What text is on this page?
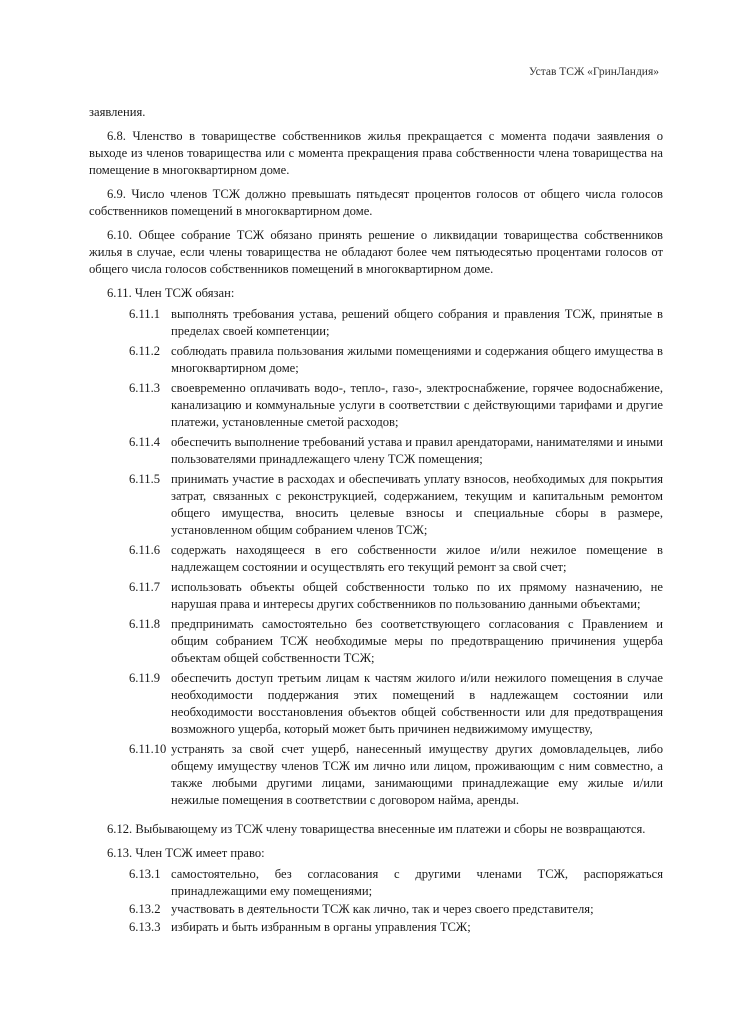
Устав ТСЖ «ГринЛандия»

заявления.

6.8. Членство в товариществе собственников жилья прекращается с момента подачи заявления о выходе из членов товарищества или с момента прекращения права собственности члена товарищества на помещение в многоквартирном доме.

6.9. Число членов ТСЖ должно превышать пятьдесят процентов голосов от общего числа голосов собственников помещений в многоквартирном доме.

6.10. Общее собрание ТСЖ обязано принять решение о ликвидации товарищества собственников жилья в случае, если члены товарищества не обладают более чем пятьюдесятью процентами голосов от общего числа голосов собственников помещений в многоквартирном доме.

6.11. Член ТСЖ обязан:

6.11.1 выполнять требования устава, решений общего собрания и правления ТСЖ, принятые в пределах своей компетенции;
6.11.2 соблюдать правила пользования жилыми помещениями и содержания общего имущества в многоквартирном доме;
6.11.3 своевременно оплачивать водо-, тепло-, газо-, электроснабжение, горячее водоснабжение, канализацию и коммунальные услуги в соответствии с действующими тарифами и другие платежи, установленные сметой расходов;
6.11.4 обеспечить выполнение требований устава и правил арендаторами, нанимателями и иными пользователями принадлежащего члену ТСЖ помещения;
6.11.5 принимать участие в расходах и обеспечивать уплату взносов, необходимых для покрытия затрат, связанных с реконструкцией, содержанием, текущим и капитальным ремонтом общего имущества, вносить целевые взносы и специальные сборы в размере, установленном общим собранием членов ТСЖ;
6.11.6 содержать находящееся в его собственности жилое и/или нежилое помещение в надлежащем состоянии и осуществлять его текущий ремонт за свой счет;
6.11.7 использовать объекты общей собственности только по их прямому назначению, не нарушая права и интересы других собственников по пользованию данными объектами;
6.11.8 предпринимать самостоятельно без соответствующего согласования с Правлением и общим собранием ТСЖ необходимые меры по предотвращению причинения ущерба объектам общей собственности ТСЖ;
6.11.9 обеспечить доступ третьим лицам к частям жилого и/или нежилого помещения в случае необходимости поддержания этих помещений в надлежащем состоянии или необходимости восстановления объектов общей собственности или для предотвращения возможного ущерба, который может быть причинен недвижимому имуществу,
6.11.10 устранять за свой счет ущерб, нанесенный имуществу других домовладельцев, либо общему имуществу членов ТСЖ им лично или лицом, проживающим с ним совместно, а также любыми другими лицами, занимающими принадлежащие ему жилые и/или нежилые помещения в соответствии с договором найма, аренды.

6.12. Выбывающему из ТСЖ члену товарищества внесенные им платежи и сборы не возвращаются.

6.13. Член ТСЖ имеет право:

6.13.1 самостоятельно, без согласования с другими членами ТСЖ, распоряжаться принадлежащими ему помещениями;
6.13.2 участвовать в деятельности ТСЖ как лично, так и через своего представителя;
6.13.3 избирать и быть избранным в органы управления ТСЖ;
